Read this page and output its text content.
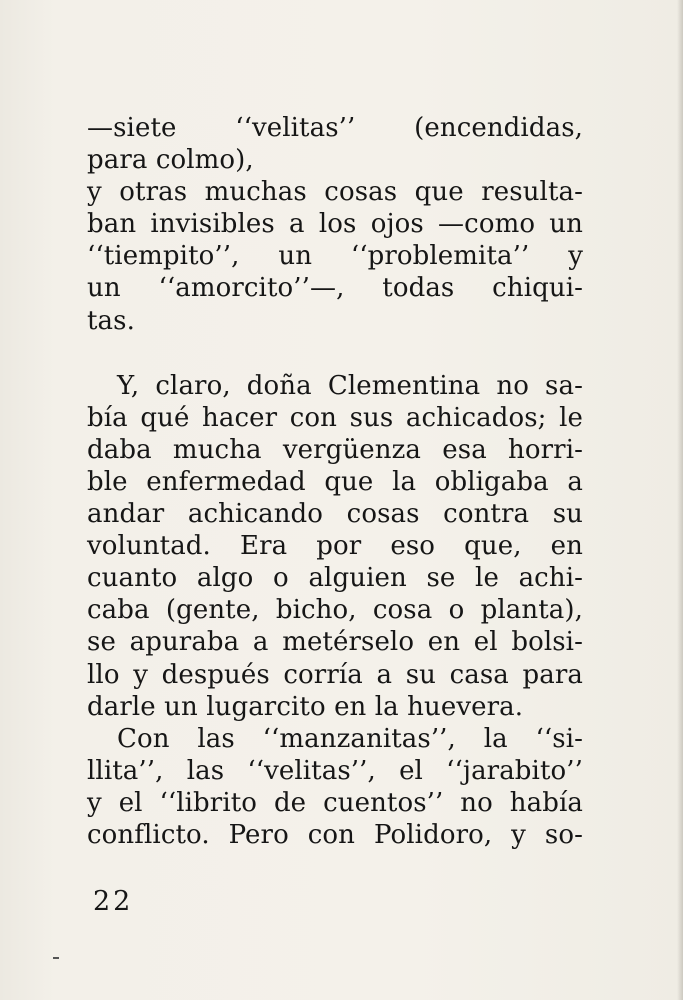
—siete ‘‘velitas’’ (encendidas,
para colmo),
y otras muchas cosas que resulta-
ban invisibles a los ojos —como un
‘‘tiempito’’, un ‘‘problemita’’ y
un ‘‘amorcito’’—, todas chiqui-
tas.
Y, claro, doña Clementina no sa-
bía qué hacer con sus achicados; le
daba mucha vergüenza esa horri-
ble enfermedad que la obligaba a
andar achicando cosas contra su
voluntad. Era por eso que, en
cuanto algo o alguien se le achi-
caba (gente, bicho, cosa o planta),
se apuraba a metérselo en el bolsi-
llo y después corría a su casa para
darle un lugarcito en la huevera.
Con las ‘‘manzanitas’’, la ‘‘si-
llita’’, las ‘‘velitas’’, el ‘‘jarabito’’
y el ‘‘librito de cuentos’’ no había
conflicto. Pero con Polidoro, y so-
22
